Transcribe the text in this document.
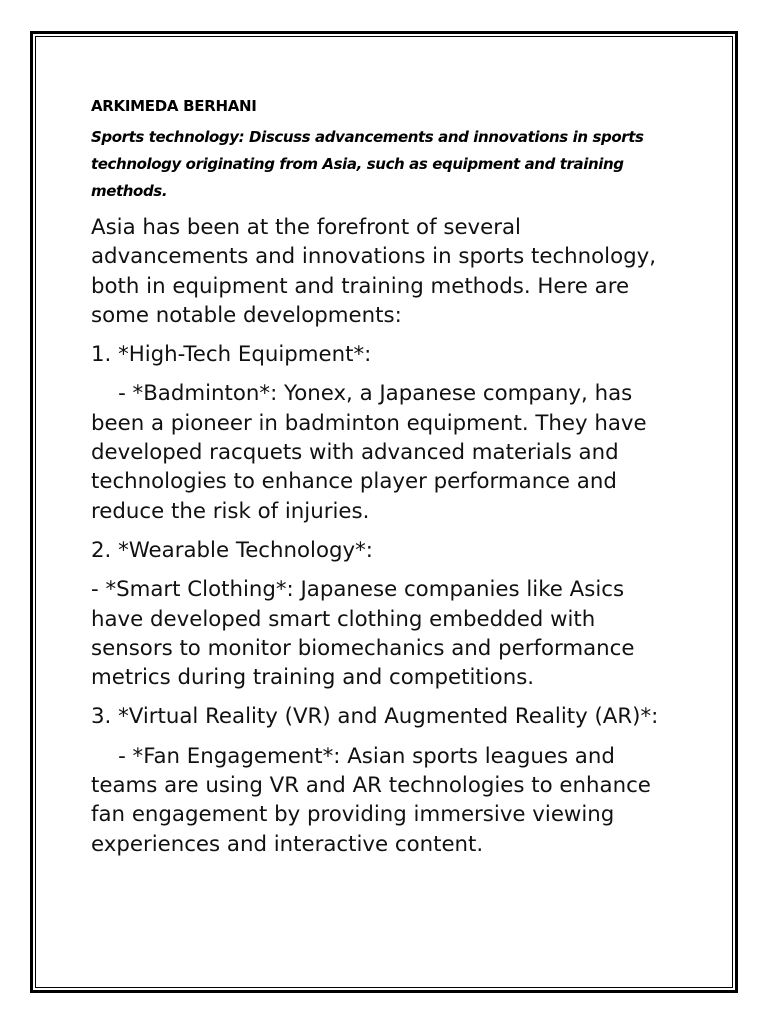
ARKIMEDA BERHANI

Sports technology: Discuss advancements and innovations in sports technology originating from Asia, such as equipment and training methods.

Asia has been at the forefront of several advancements and innovations in sports technology, both in equipment and training methods. Here are some notable developments:

1. *High-Tech Equipment*:

- *Badminton*: Yonex, a Japanese company, has been a pioneer in badminton equipment. They have developed racquets with advanced materials and technologies to enhance player performance and reduce the risk of injuries.

2. *Wearable Technology*:

- *Smart Clothing*: Japanese companies like Asics have developed smart clothing embedded with sensors to monitor biomechanics and performance metrics during training and competitions.

3. *Virtual Reality (VR) and Augmented Reality (AR)*:

- *Fan Engagement*: Asian sports leagues and teams are using VR and AR technologies to enhance fan engagement by providing immersive viewing experiences and interactive content.
